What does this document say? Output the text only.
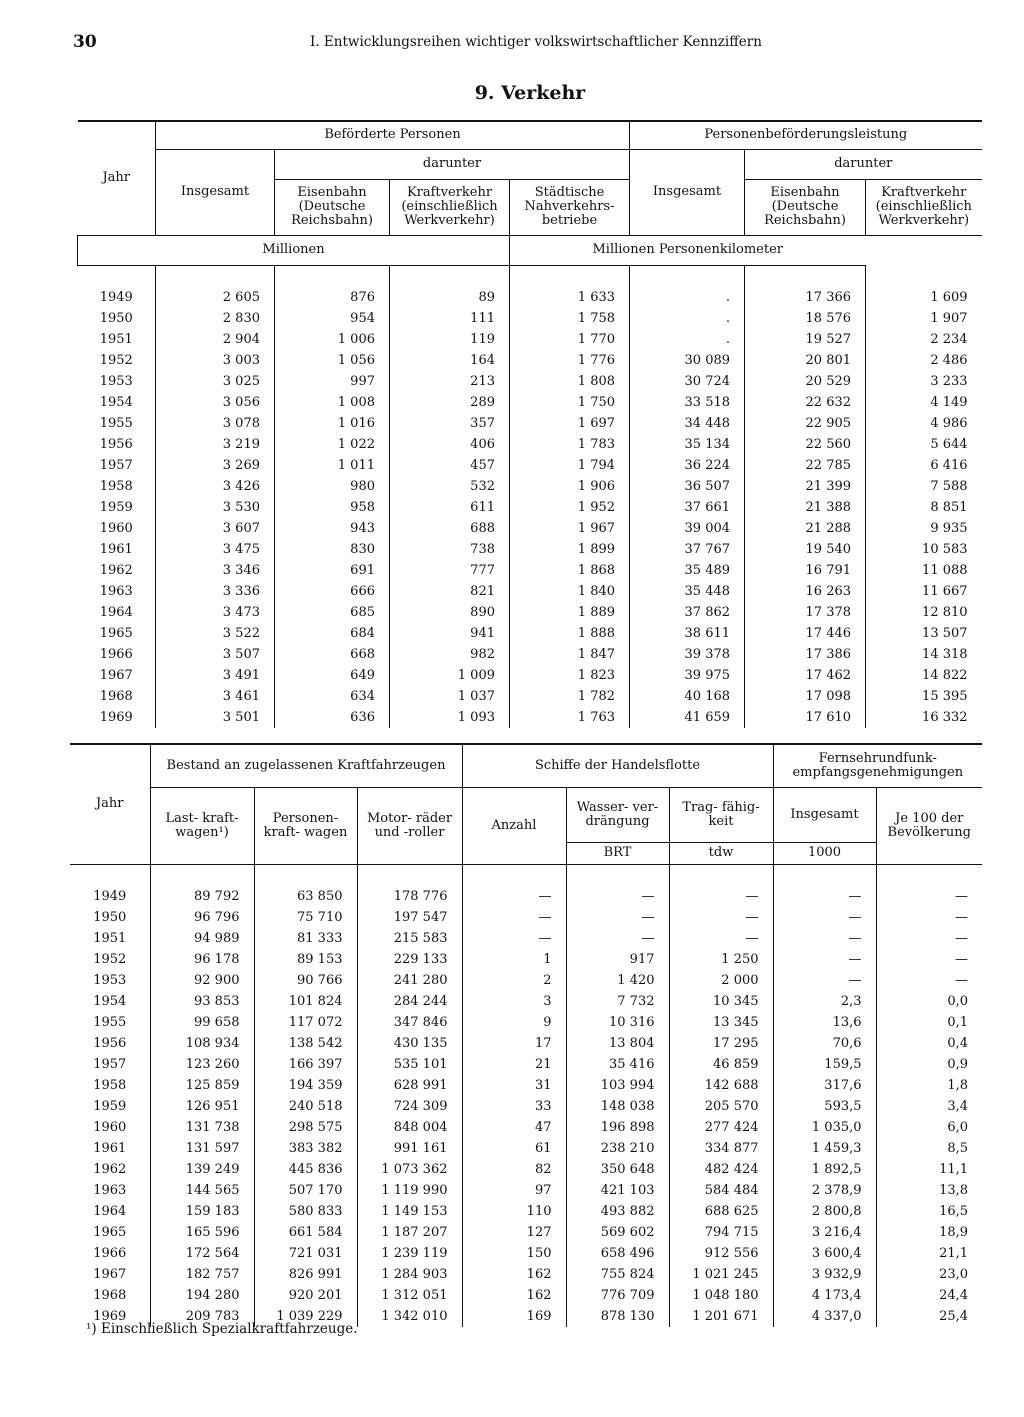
30	I. Entwicklungsreihen wichtiger volkswirtschaftlicher Kennziffern
9. Verkehr
Jahr	Beförderte Personen				Personenbeförderungsleistung		
	Insgesamt	darunter			Insgesamt	darunter	
		Eisenbahn (Deutsche Reichsbahn)	Kraftverkehr (einschließlich Werkverkehr)	Städtische Nahverkehrs- betriebe		Eisenbahn (Deutsche Reichsbahn)	Kraftverkehr (einschließlich Werkverkehr)
Millionen				Millionen Personenkilometer			

1949	2 605	876	89	1 633	.	17 366	1 609
1950	2 830	954	111	1 758	.	18 576	1 907
1951	2 904	1 006	119	1 770	.	19 527	2 234
1952	3 003	1 056	164	1 776	30 089	20 801	2 486
1953	3 025	997	213	1 808	30 724	20 529	3 233
1954	3 056	1 008	289	1 750	33 518	22 632	4 149
1955	3 078	1 016	357	1 697	34 448	22 905	4 986
1956	3 219	1 022	406	1 783	35 134	22 560	5 644
1957	3 269	1 011	457	1 794	36 224	22 785	6 416
1958	3 426	980	532	1 906	36 507	21 399	7 588
1959	3 530	958	611	1 952	37 661	21 388	8 851
1960	3 607	943	688	1 967	39 004	21 288	9 935
1961	3 475	830	738	1 899	37 767	19 540	10 583
1962	3 346	691	777	1 868	35 489	16 791	11 088
1963	3 336	666	821	1 840	35 448	16 263	11 667
1964	3 473	685	890	1 889	37 862	17 378	12 810
1965	3 522	684	941	1 888	38 611	17 446	13 507
1966	3 507	668	982	1 847	39 378	17 386	14 318
1967	3 491	649	1 009	1 823	39 975	17 462	14 822
1968	3 461	634	1 037	1 782	40 168	17 098	15 395
1969	3 501	636	1 093	1 763	41 659	17 610	16 332
Jahr	Bestand an zugelassenen Kraftfahrzeugen			Schiffe der Handelsflotte			Fernsehrundfunk- empfangsgenehmigungen	
	Last- kraft- wagen¹)	Personen- kraft- wagen	Motor- räder und -roller	Anzahl	Wasser- ver- drängung	Trag- fähig- keit	Insgesamt	Je 100 der Bevölkerung
					BRT	tdw	1000	

1949	89 792	63 850	178 776	—	—	—	—	—
1950	96 796	75 710	197 547	—	—	—	—	—
1951	94 989	81 333	215 583	—	—	—	—	—
1952	96 178	89 153	229 133	1	917	1 250	—	—
1953	92 900	90 766	241 280	2	1 420	2 000	—	—
1954	93 853	101 824	284 244	3	7 732	10 345	2,3	0,0
1955	99 658	117 072	347 846	9	10 316	13 345	13,6	0,1
1956	108 934	138 542	430 135	17	13 804	17 295	70,6	0,4
1957	123 260	166 397	535 101	21	35 416	46 859	159,5	0,9
1958	125 859	194 359	628 991	31	103 994	142 688	317,6	1,8
1959	126 951	240 518	724 309	33	148 038	205 570	593,5	3,4
1960	131 738	298 575	848 004	47	196 898	277 424	1 035,0	6,0
1961	131 597	383 382	991 161	61	238 210	334 877	1 459,3	8,5
1962	139 249	445 836	1 073 362	82	350 648	482 424	1 892,5	11,1
1963	144 565	507 170	1 119 990	97	421 103	584 484	2 378,9	13,8
1964	159 183	580 833	1 149 153	110	493 882	688 625	2 800,8	16,5
1965	165 596	661 584	1 187 207	127	569 602	794 715	3 216,4	18,9
1966	172 564	721 031	1 239 119	150	658 496	912 556	3 600,4	21,1
1967	182 757	826 991	1 284 903	162	755 824	1 021 245	3 932,9	23,0
1968	194 280	920 201	1 312 051	162	776 709	1 048 180	4 173,4	24,4
1969	209 783	1 039 229	1 342 010	169	878 130	1 201 671	4 337,0	25,4
¹) Einschließlich Spezialkraftfahrzeuge.
